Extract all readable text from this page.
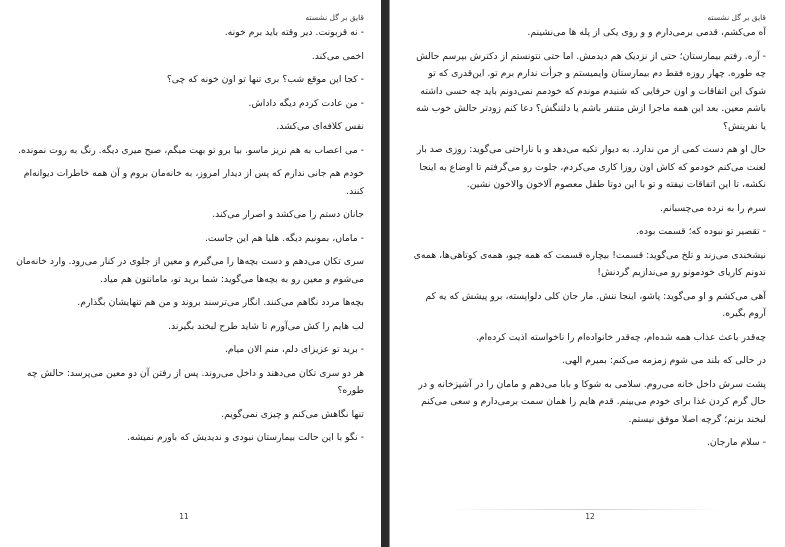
قایق بر گل نشسته

- نه قربونت. دیر وقته باید برم خونه.

اخمی می‌کند.

- کجا این موقع شب؟ بری تنها تو اون خونه که چی؟

- من عادت کردم دیگه داداش.

نفس کلافه‌ای می‌کشد.

- می اعصاب به هم نریز ماسو. بیا برو تو بهت میگم، صبح میری دیگه. رنگ به روت نمونده.

خودم هم جانی ندارم که پس از دیدار امروز، به خانه‌مان بروم و آن همه خاطرات دیوانه‌ام کنند.

جانان دستم را می‌کشد و اصرار می‌کند.

- ماماں، بمونیم دیگه. هلیا هم این جاست.

سری تکان می‌دهم و دست بچه‌ها را می‌گیرم و معین از جلوی در کنار می‌رود. وارد خانه‌مان می‌شوم و معین رو به بچه‌ها می‌گوید: شما برید تو، مامانتون هم میاد.

بچه‌ها مردد نگاهم می‌کنند. انگار می‌ترسند بروند و من هم تنهایشان بگذارم.

لب هایم را کش می‌آورم تا شاید طرح لبخند بگیرند.

- برید تو عزیزای دلم، منم الان میام.

هر دو سری تکان می‌دهند و داخل می‌روند. پس از رفتن آن دو معین می‌پرسد: حالش چه طوره؟

تنها نگاهش می‌کنم و چیزی نمی‌گویم.

- نگو با این حالت بیمارستان نبودی و ندیدیش که باورم نمیشه.

11
قایق بر گل نشسته

آه می‌کشم، قدمی برمی‌دارم و و روی یکی از پله ها می‌نشینم.

- آره. رفتم بیمارستان؛ حتی از نزدیک هم دیدمش. اما حتی نتونستم از دکترش بپرسم حالش چه طوره. چهار روزه فقط دم بیمارستان وایمیستم و جرأت ندارم برم تو. این‌قدری که تو شوک این اتفاقات و اون حرفایی که شنیدم موندم که خودمم نمی‌دونم باید چه حسی داشته باشم معین. بعد این همه ماجرا ازش متنفر باشم یا دلتنگش؟ دعا کنم زودتر حالش خوب شه یا نفرینش؟

حال او هم دست کمی از من ندارد. به دیوار تکیه می‌دهد و با ناراحتی می‌گوید: روزی صد بار لعنت می‌کنم خودمو که کاش اون روزا کاری می‌کردم، جلوت رو می‌گرفتم تا اوضاع به اینجا نکشه، تا این اتفاقات نیفته و تو با این دوتا طفل معصوم آلاخون والاخون نشین.

سرم را به نرده می‌چسبانم.

- تقصیر تو نبوده که؛ قسمت بوده.

نیشخندی می‌زند و تلخ می‌گوید: قسمت! بیچاره قسمت که همه چیو، همه‌ی کوتاهی‌ها، همه‌ی ندونم کاریای خودمونو رو می‌ندازیم گردنش!

آهی می‌کشم و او می‌گوید: پاشو، اینجا ننش. مار جان کلی دلواپسته، برو پیشش که یه کم آروم بگیره.

چه‌قدر باعث عذاب همه شده‌ام، چه‌قدر خانواده‌ام را ناخواسته اذیت کرده‌ام.

در حالی که بلند می شوم زمزمه می‌کنم: بمیرم الهی.

پشت سرش داخل خانه می‌روم. سلامی به شوکا و بابا می‌دهم و مامان را در آشپزخانه و در حال گرم کردن غذا برای خودم می‌بینم. قدم هایم را همان سمت برمی‌دارم و سعی می‌کنم لبخند بزنم؛ گرچه اصلا موفق نیستم.

- سلام مارجان.

12
